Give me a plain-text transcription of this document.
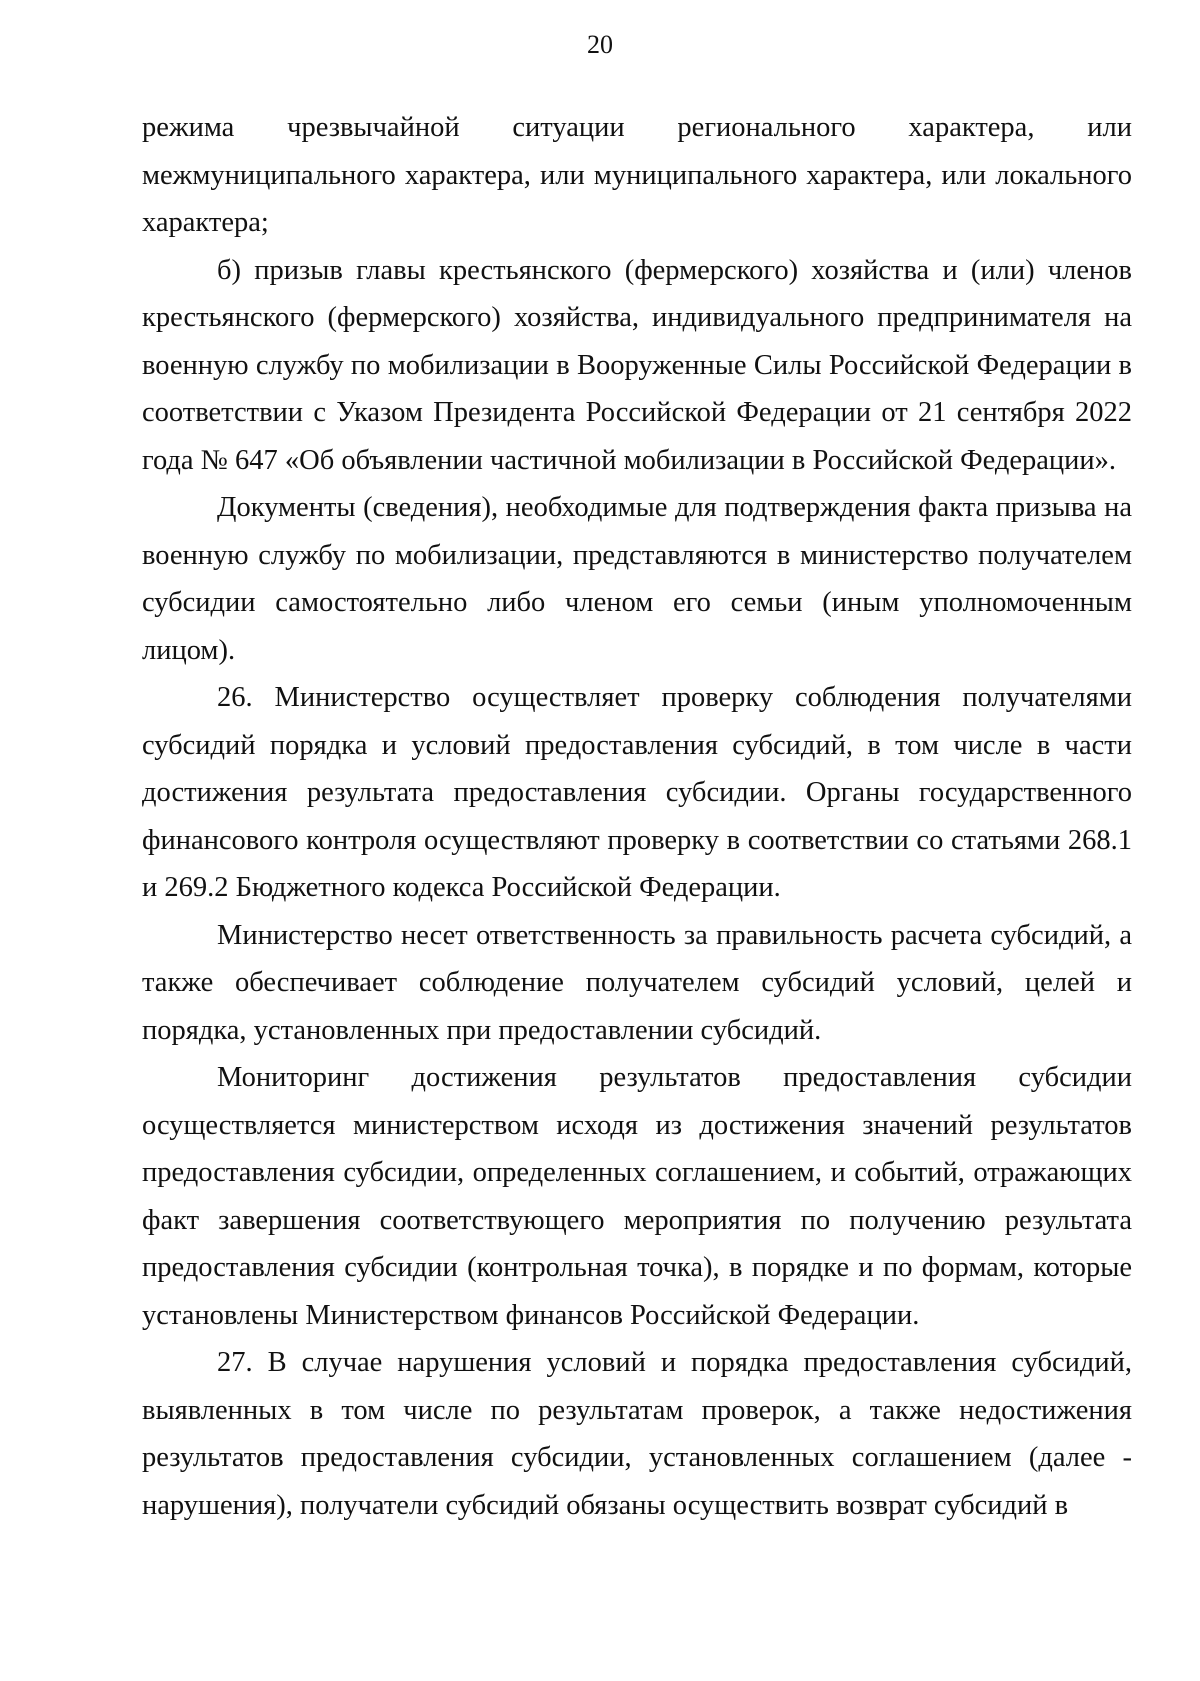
20

режима чрезвычайной ситуации регионального характера, или межмуниципального характера, или муниципального характера, или локального характера;

б) призыв главы крестьянского (фермерского) хозяйства и (или) членов крестьянского (фермерского) хозяйства, индивидуального предпринимателя на военную службу по мобилизации в Вооруженные Силы Российской Федерации в соответствии с Указом Президента Российской Федерации от 21 сентября 2022 года № 647 «Об объявлении частичной мобилизации в Российской Федерации».

Документы (сведения), необходимые для подтверждения факта призыва на военную службу по мобилизации, представляются в министерство получателем субсидии самостоятельно либо членом его семьи (иным уполномоченным лицом).

26. Министерство осуществляет проверку соблюдения получателями субсидий порядка и условий предоставления субсидий, в том числе в части достижения результата предоставления субсидии. Органы государственного финансового контроля осуществляют проверку в соответствии со статьями 268.1 и 269.2 Бюджетного кодекса Российской Федерации.

Министерство несет ответственность за правильность расчета субсидий, а также обеспечивает соблюдение получателем субсидий условий, целей и порядка, установленных при предоставлении субсидий.

Мониторинг достижения результатов предоставления субсидии осуществляется министерством исходя из достижения значений результатов предоставления субсидии, определенных соглашением, и событий, отражающих факт завершения соответствующего мероприятия по получению результата предоставления субсидии (контрольная точка), в порядке и по формам, которые установлены Министерством финансов Российской Федерации.

27. В случае нарушения условий и порядка предоставления субсидий, выявленных в том числе по результатам проверок, а также недостижения результатов предоставления субсидии, установленных соглашением (далее - нарушения), получатели субсидий обязаны осуществить возврат субсидий в
